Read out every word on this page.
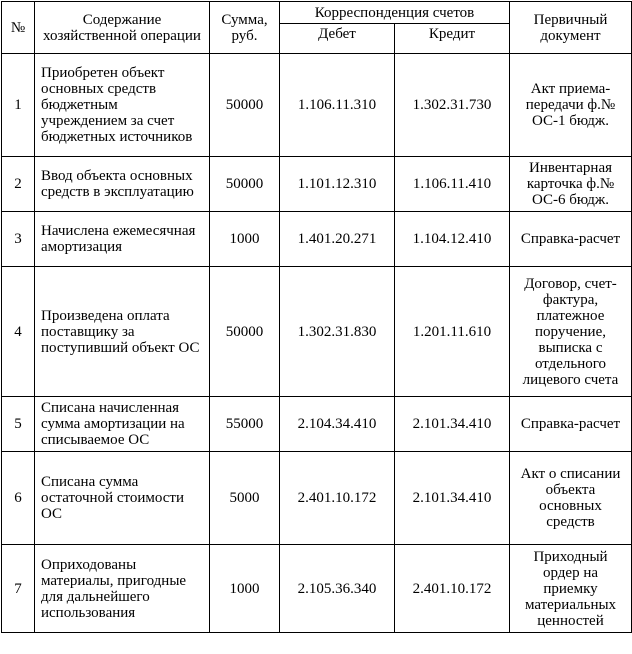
№	Содержание хозяйственной операции	Сумма, руб.	Корреспонденция счетов		Первичный документ
			Дебет	Кредит	
1	Приобретен объект основных средств бюджетным учреждением за счет бюджетных источников	50000	1.106.11.310	1.302.31.730	Акт приема-передачи ф.№ ОС-1 бюдж.
2	Ввод объекта основных средств в эксплуатацию	50000	1.101.12.310	1.106.11.410	Инвентарная карточка ф.№ ОС-6 бюдж.
3	Начислена ежемесячная амортизация	1000	1.401.20.271	1.104.12.410	Справка-расчет
4	Произведена оплата поставщику за поступивший объект ОС	50000	1.302.31.830	1.201.11.610	Договор, счет-фактура, платежное поручение, выписка с отдельного лицевого счета
5	Списана начисленная сумма амортизации на списываемое ОС	55000	2.104.34.410	2.101.34.410	Справка-расчет
6	Списана сумма остаточной стоимости ОС	5000	2.401.10.172	2.101.34.410	Акт о списании объекта основных средств
7	Оприходованы материалы, пригодные для дальнейшего использования	1000	2.105.36.340	2.401.10.172	Приходный ордер на приемку материальных ценностей
